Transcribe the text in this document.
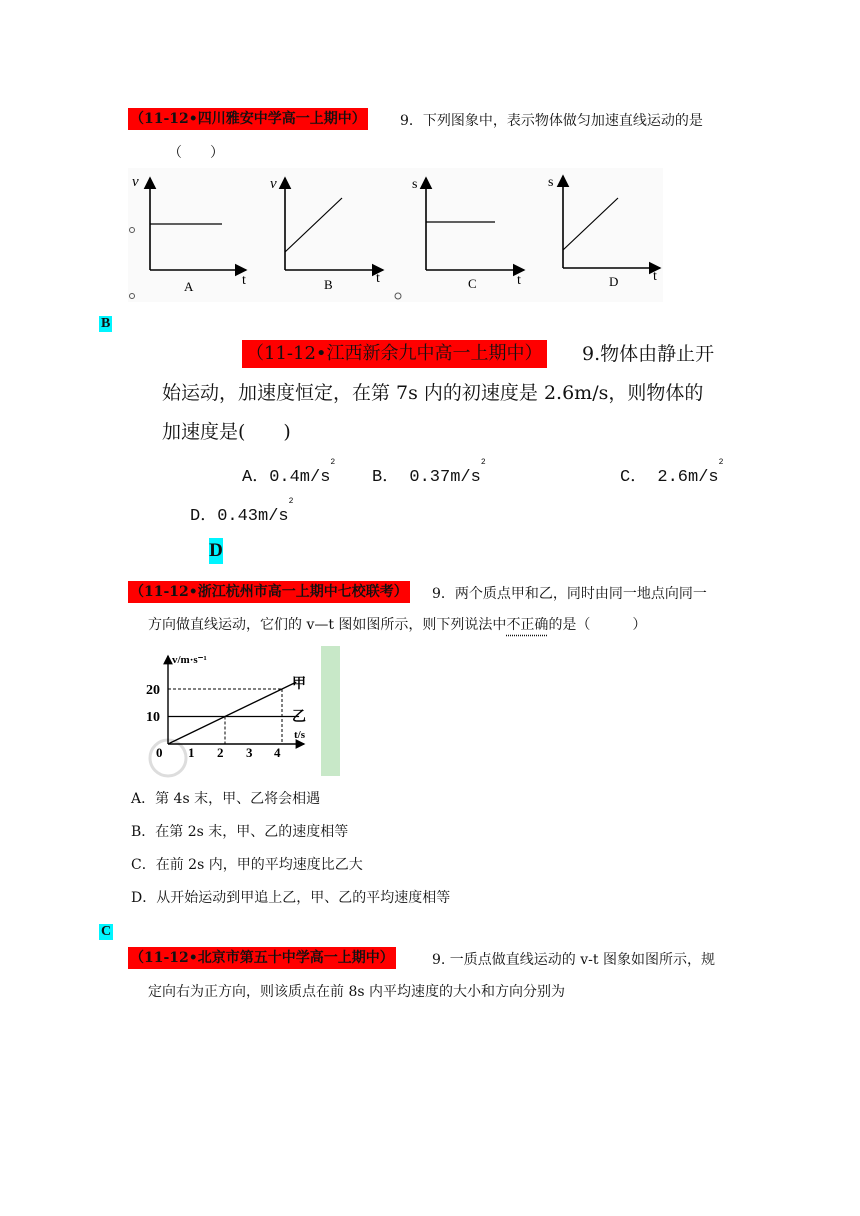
（11-12•四川雅安中学高一上期中） 9．下列图象中，表示物体做匀加速直线运动的是
（　　）
v
t
A
v
t
B
s
t
C
s
t
D
B
（11-12•江西新余九中高一上期中） 9.物体由静止开
始运动，加速度恒定，在第 7s 内的初速度是 2.6m/s，则物体的
加速度是(　　)
A．$0.4m/s^2$
B． $0.37m/s^2$
C． $2.6m/s^2$
D．$0.43m/s^2$
D
（11-12•浙江杭州市高一上期中七校联考） 9．两个质点甲和乙，同时由同一地点向同一
方向做直线运动，它们的 v—t 图如图所示，则下列说法中不正确的是（　　　）
v/m·s⁻¹
t/s
20
10
0 1 2 3 4
甲
乙
A．第 4s 末，甲、乙将会相遇
B．在第 2s 末，甲、乙的速度相等
C．在前 2s 内，甲的平均速度比乙大
D．从开始运动到甲追上乙，甲、乙的平均速度相等
C
（11-12•北京市第五十中学高一上期中）	9. 一质点做直线运动的 v-t 图象如图所示，规
定向右为正方向，则该质点在前 8s 内平均速度的大小和方向分别为
